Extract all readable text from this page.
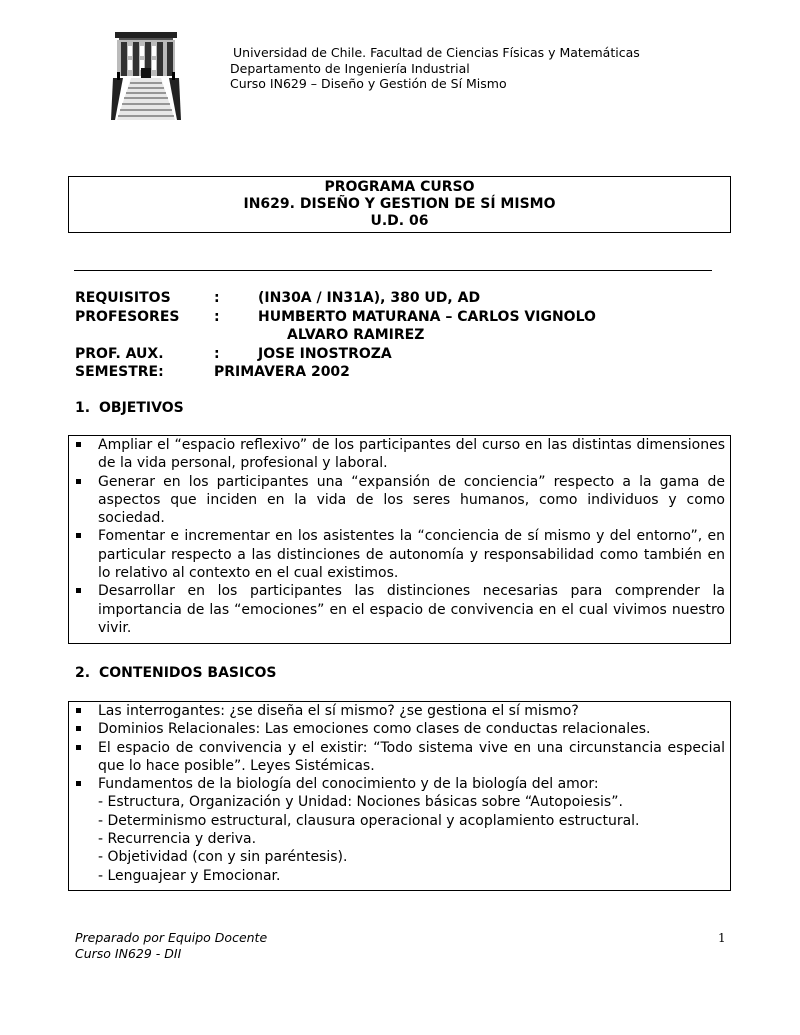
Universidad de Chile. Facultad de Ciencias Físicas y Matemáticas
Departamento de Ingeniería Industrial
Curso IN629 – Diseño y Gestión de Sí Mismo
PROGRAMA CURSO
IN629. DISEÑO Y GESTION DE SÍ MISMO
U.D. 06
REQUISITOS	:	(IN30A / IN31A), 380 UD, AD
PROFESORES :	HUMBERTO MATURANA – CARLOS VIGNOLO
ALVARO RAMIREZ
PROF. AUX.	:	JOSE INOSTROZA
SEMESTRE:	PRIMAVERA 2002
1. OBJETIVOS
Ampliar el “espacio reflexivo” de los participantes del curso en las distintas dimensiones de la vida personal, profesional y laboral.
Generar en los participantes una “expansión de conciencia” respecto a la gama de aspectos que inciden en la vida de los seres humanos, como individuos y como sociedad.
Fomentar e incrementar en los asistentes la “conciencia de sí mismo y del entorno”, en particular respecto a las distinciones de autonomía y responsabilidad como también en lo relativo al contexto en el cual existimos.
Desarrollar en los participantes las distinciones necesarias para comprender la importancia de las “emociones” en el espacio de convivencia en el cual vivimos nuestro vivir.
2. CONTENIDOS BASICOS
Las interrogantes: ¿se diseña el sí mismo? ¿se gestiona el sí mismo?
Dominios Relacionales: Las emociones como clases de conductas relacionales.
El espacio de convivencia y el existir: “Todo sistema vive en una circunstancia especial que lo hace posible”. Leyes Sistémicas.
Fundamentos de la biología del conocimiento y de la biología del amor:
- Estructura, Organización y Unidad: Nociones básicas sobre “Autopoiesis”.
- Determinismo estructural, clausura operacional y acoplamiento estructural.
- Recurrencia y deriva.
- Objetividad (con y sin paréntesis).
- Lenguajear y Emocionar.
Preparado por Equipo Docente
Curso IN629 - DII
1
